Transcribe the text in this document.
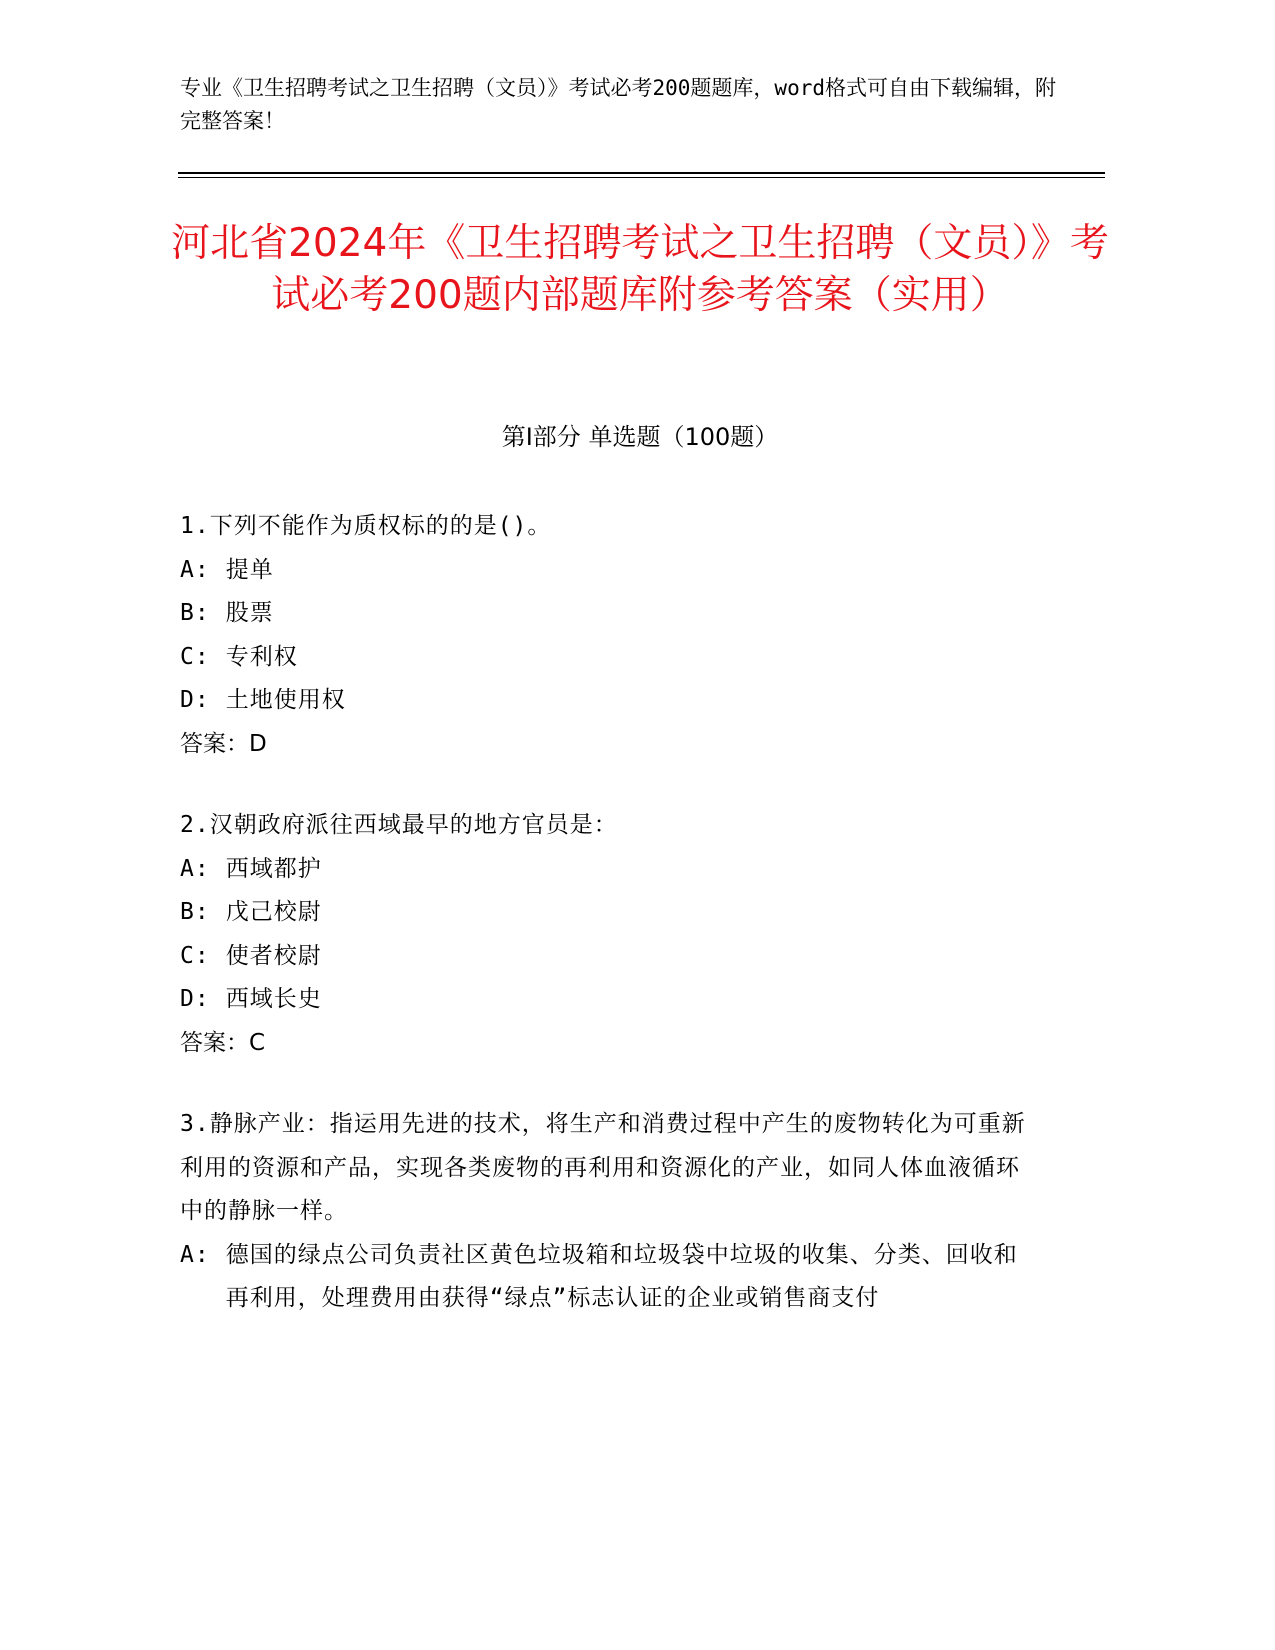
专业《卫生招聘考试之卫生招聘（文员）》考试必考200题题库，word格式可自由下载编辑，附完整答案！
河北省2024年《卫生招聘考试之卫生招聘（文员）》考试必考200题内部题库附参考答案（实用）
第I部分 单选题（100题）
1.下列不能作为质权标的的是()。
A: 提单
B: 股票
C: 专利权
D: 土地使用权
答案：D
2.汉朝政府派往西域最早的地方官员是：
A: 西域都护
B: 戊己校尉
C: 使者校尉
D: 西域长史
答案：C
3.静脉产业：指运用先进的技术，将生产和消费过程中产生的废物转化为可重新利用的资源和产品，实现各类废物的再利用和资源化的产业，如同人体血液循环中的静脉一样。
A: 德国的绿点公司负责社区黄色垃圾箱和垃圾袋中垃圾的收集、分类、回收和再利用，处理费用由获得“绿点”标志认证的企业或销售商支付
